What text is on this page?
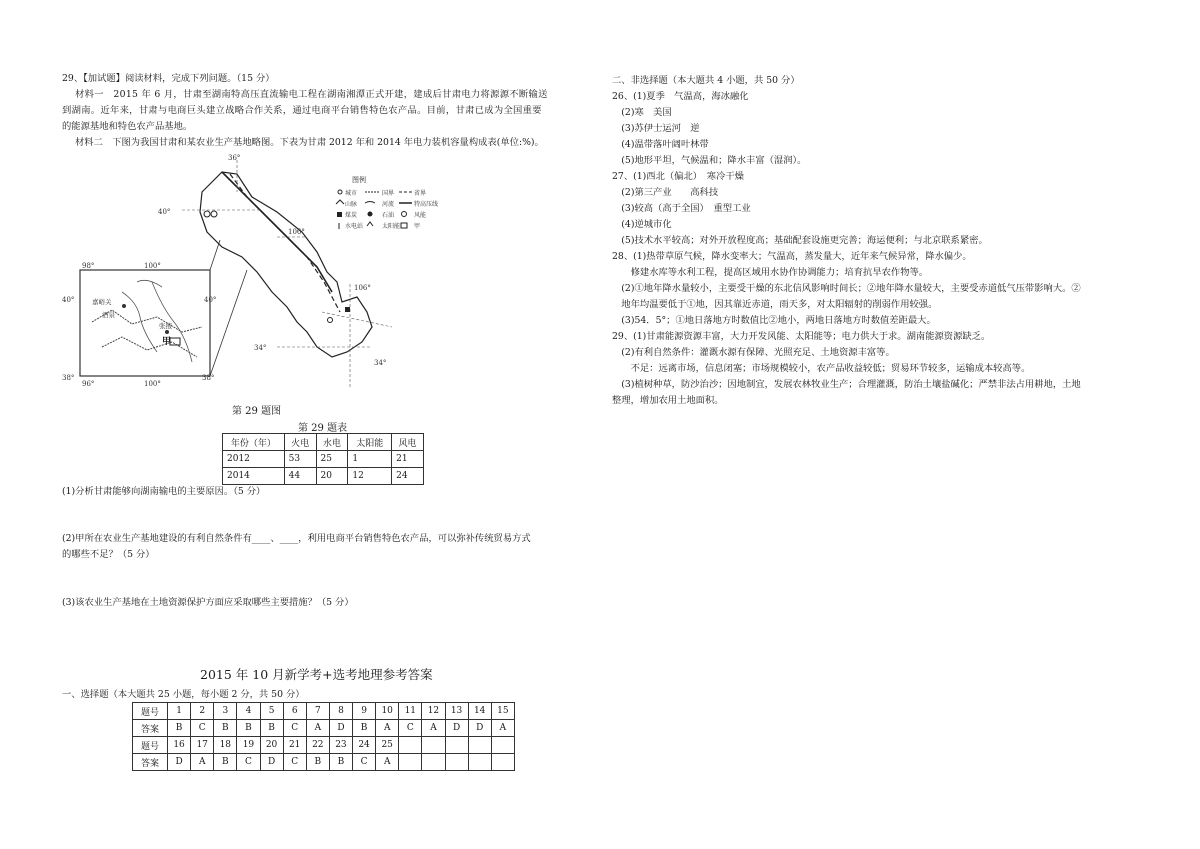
29、【加试题】阅读材料，完成下列问题。（15 分）
材料一　2015 年 6 月，甘肃至湖南特高压直流输电工程在湖南湘潭正式开建，建成后甘肃电力将源源不断输送
到湖南。近年来，甘肃与电商巨头建立战略合作关系，通过电商平台销售特色农产品。目前，甘肃已成为全国重要
的能源基地和特色农产品基地。
材料二　下图为我国甘肃和某农业生产基地略图。下表为甘肃 2012 年和 2014 年电力装机容量构成表(单位:%)。
嘉峪关
酒泉
张掖
甲
98°	100°
40°	40°
38°	38°
96°	100°
36°
40°
106°
106°
34°
34°
图例
城市	国界	省界
山脉	河流	特高压线
煤炭	石油	风能
水电站	太阳能 甲
第 29 题图
第 29 题表
年份（年）	火电	水电	太阳能	风电
2012	53	25	1	21
2014	44	20	12	24
(1)分析甘肃能够向湖南输电的主要原因。（5 分）
(2)甲所在农业生产基地建设的有利自然条件有____、____，利用电商平台销售特色农产品，可以弥补传统贸易方式
的哪些不足？（5 分）
(3)该农业生产基地在土地资源保护方面应采取哪些主要措施？（5 分）
2015 年 10 月新学考+选考地理参考答案
一、选择题（本大题共 25 小题，每小题 2 分，共 50 分）
题号	1	2	3	4	5	6	7	8	9	10	11	12	13	14	15
答案	B	C	B	B	B	C	A	D	B	A	C	A	D	D	A
题号	16	17	18	19	20	21	22	23	24	25					
答案	D	A	B	C	D	C	B	B	C	A					
二、非选择题（本大题共 4 小题，共 50 分）
26、(1)夏季　气温高，海冰融化
　(2)寒　美国
　(3)苏伊士运河　逆
　(4)温带落叶阔叶林带
　(5)地形平坦，气候温和；降水丰富（湿润）。
27、(1)西北（偏北）　寒冷干燥
　(2)第三产业　　高科技
　(3)较高（高于全国）　重型工业
　(4)逆城市化
　(5)技术水平较高；对外开放程度高；基础配套设施更完善；海运便利；与北京联系紧密。
28、(1)热带草原气候，降水变率大；气温高，蒸发量大，近年来气候异常，降水偏少。
　　修建水库等水利工程，提高区域用水协作协调能力；培育抗旱农作物等。
　(2)①地年降水量较小，主要受干燥的东北信风影响时间长；②地年降水量较大，主要受赤道低气压带影响大。②
　地年均温要低于①地，因其靠近赤道，雨天多，对太阳辐射的削弱作用较强。
　(3)54．5°；①地日落地方时数值比②地小，两地日落地方时数值差距最大。
29、(1)甘肃能源资源丰富，大力开发风能、太阳能等；电力供大于求。湖南能源资源缺乏。
　(2)有利自然条件：灌溉水源有保障、光照充足、土地资源丰富等。
　　不足：远离市场，信息闭塞；市场规模较小，农产品收益较低；贸易环节较多，运输成本较高等。
　(3)植树种草，防沙治沙；因地制宜，发展农林牧业生产；合理灌溉，防治土壤盐碱化；严禁非法占用耕地，土地
整理，增加农用土地面积。
